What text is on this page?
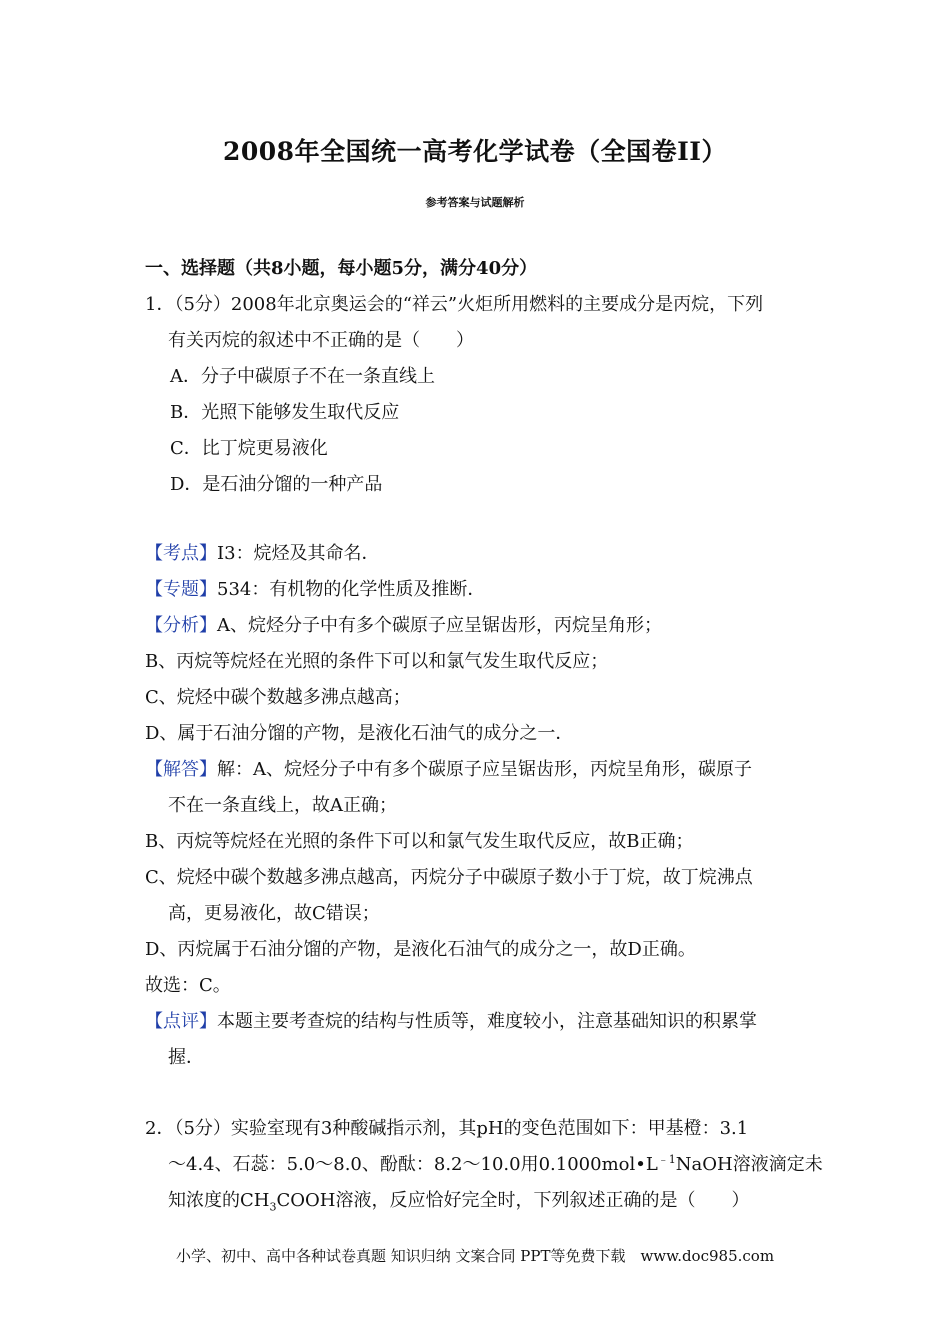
2008年全国统一高考化学试卷（全国卷II）
参考答案与试题解析
一、选择题（共8小题，每小题5分，满分40分）
1．（5分）2008年北京奥运会的“祥云”火炬所用燃料的主要成分是丙烷，下列
有关丙烷的叙述中不正确的是（　　）
A．分子中碳原子不在一条直线上
B．光照下能够发生取代反应
C．比丁烷更易液化
D．是石油分馏的一种产品
【考点】I3：烷烃及其命名．
【专题】534：有机物的化学性质及推断．
【分析】A、烷烃分子中有多个碳原子应呈锯齿形，丙烷呈角形；
B、丙烷等烷烃在光照的条件下可以和氯气发生取代反应；
C、烷烃中碳个数越多沸点越高；
D、属于石油分馏的产物，是液化石油气的成分之一．
【解答】解：A、烷烃分子中有多个碳原子应呈锯齿形，丙烷呈角形，碳原子
不在一条直线上，故A正确；
B、丙烷等烷烃在光照的条件下可以和氯气发生取代反应，故B正确；
C、烷烃中碳个数越多沸点越高，丙烷分子中碳原子数小于丁烷，故丁烷沸点
高，更易液化，故C错误；
D、丙烷属于石油分馏的产物，是液化石油气的成分之一，故D正确。
故选：C。
【点评】本题主要考查烷的结构与性质等，难度较小，注意基础知识的积累掌
握．
2．（5分）实验室现有3种酸碱指示剂，其pH的变色范围如下：甲基橙：3.1
～4.4、石蕊：5.0～8.0、酚酞：8.2～10.0用$0.1000mol•L^{﹣1}NaOH$溶液滴定未
知浓度的$CH_3COOH$溶液，反应恰好完全时，下列叙述正确的是（　　）
小学、初中、高中各种试卷真题 知识归纳 文案合同 PPT等免费下载　www.doc985.com
